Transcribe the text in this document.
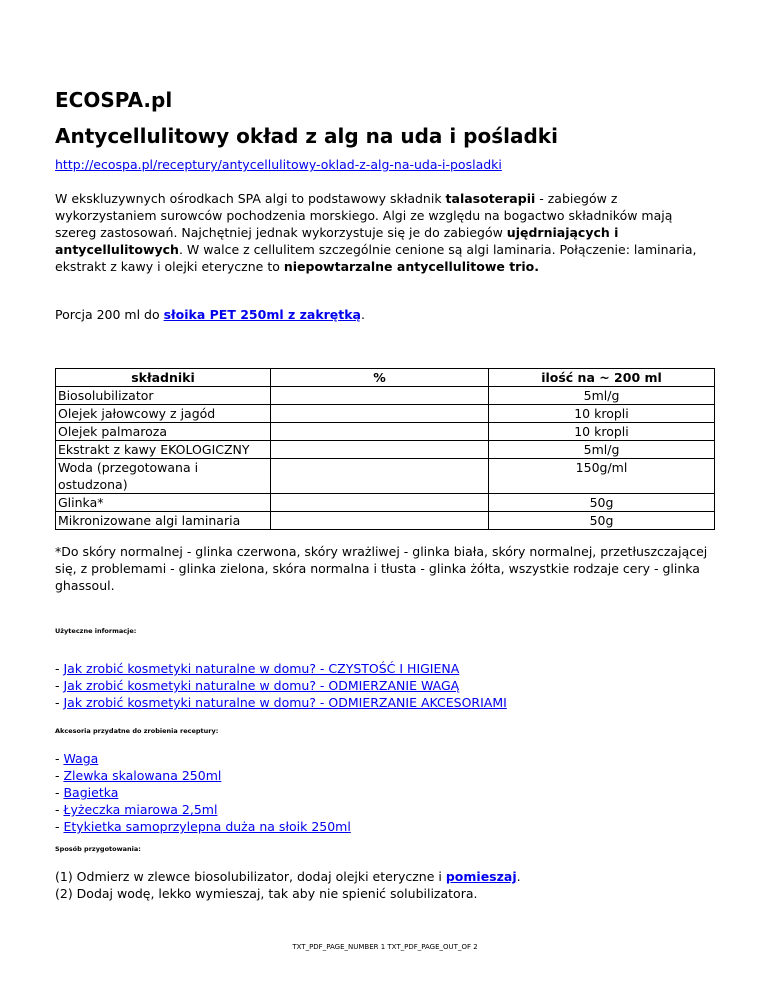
ECOSPA.pl
Antycellulitowy okład z alg na uda i pośladki
http://ecospa.pl/receptury/antycellulitowy-oklad-z-alg-na-uda-i-posladki
W ekskluzywnych ośrodkach SPA algi to podstawowy składnik talasoterapii - zabiegów z wykorzystaniem surowców pochodzenia morskiego. Algi ze względu na bogactwo składników mają szereg zastosowań. Najchętniej jednak wykorzystuje się je do zabiegów ujędrniających i antycellulitowych. W walce z cellulitem szczególnie cenione są algi laminaria. Połączenie: laminaria, ekstrakt z kawy i olejki eteryczne to niepowtarzalne antycellulitowe trio.
Porcja 200 ml do słoika PET 250ml z zakrętką.
składniki	%	ilość na ~ 200 ml
Biosolubilizator		5ml/g
Olejek jałowcowy z jagód		10 kropli
Olejek palmaroza		10 kropli
Ekstrakt z kawy EKOLOGICZNY		5ml/g
Woda (przegotowana i ostudzona)		150g/ml
Glinka*		50g
Mikronizowane algi laminaria		50g
*Do skóry normalnej - glinka czerwona, skóry wrażliwej - glinka biała, skóry normalnej, przetłuszczającej się, z problemami - glinka zielona, skóra normalna i tłusta - glinka żółta, wszystkie rodzaje cery - glinka ghassoul.
Użyteczne informacje:
- Jak zrobić kosmetyki naturalne w domu? - CZYSTOŚĆ I HIGIENA
- Jak zrobić kosmetyki naturalne w domu? - ODMIERZANIE WAGĄ
- Jak zrobić kosmetyki naturalne w domu? - ODMIERZANIE AKCESORIAMI
Akcesoria przydatne do zrobienia receptury:
- Waga
- Zlewka skalowana 250ml
- Bagietka
- Łyżeczka miarowa 2,5ml
- Etykietka samoprzylepna duża na słoik 250ml
Sposób przygotowania:
(1) Odmierz w zlewce biosolubilizator, dodaj olejki eteryczne i pomieszaj.
(2) Dodaj wodę, lekko wymieszaj, tak aby nie spienić solubilizatora.
TXT_PDF_PAGE_NUMBER 1 TXT_PDF_PAGE_OUT_OF 2
